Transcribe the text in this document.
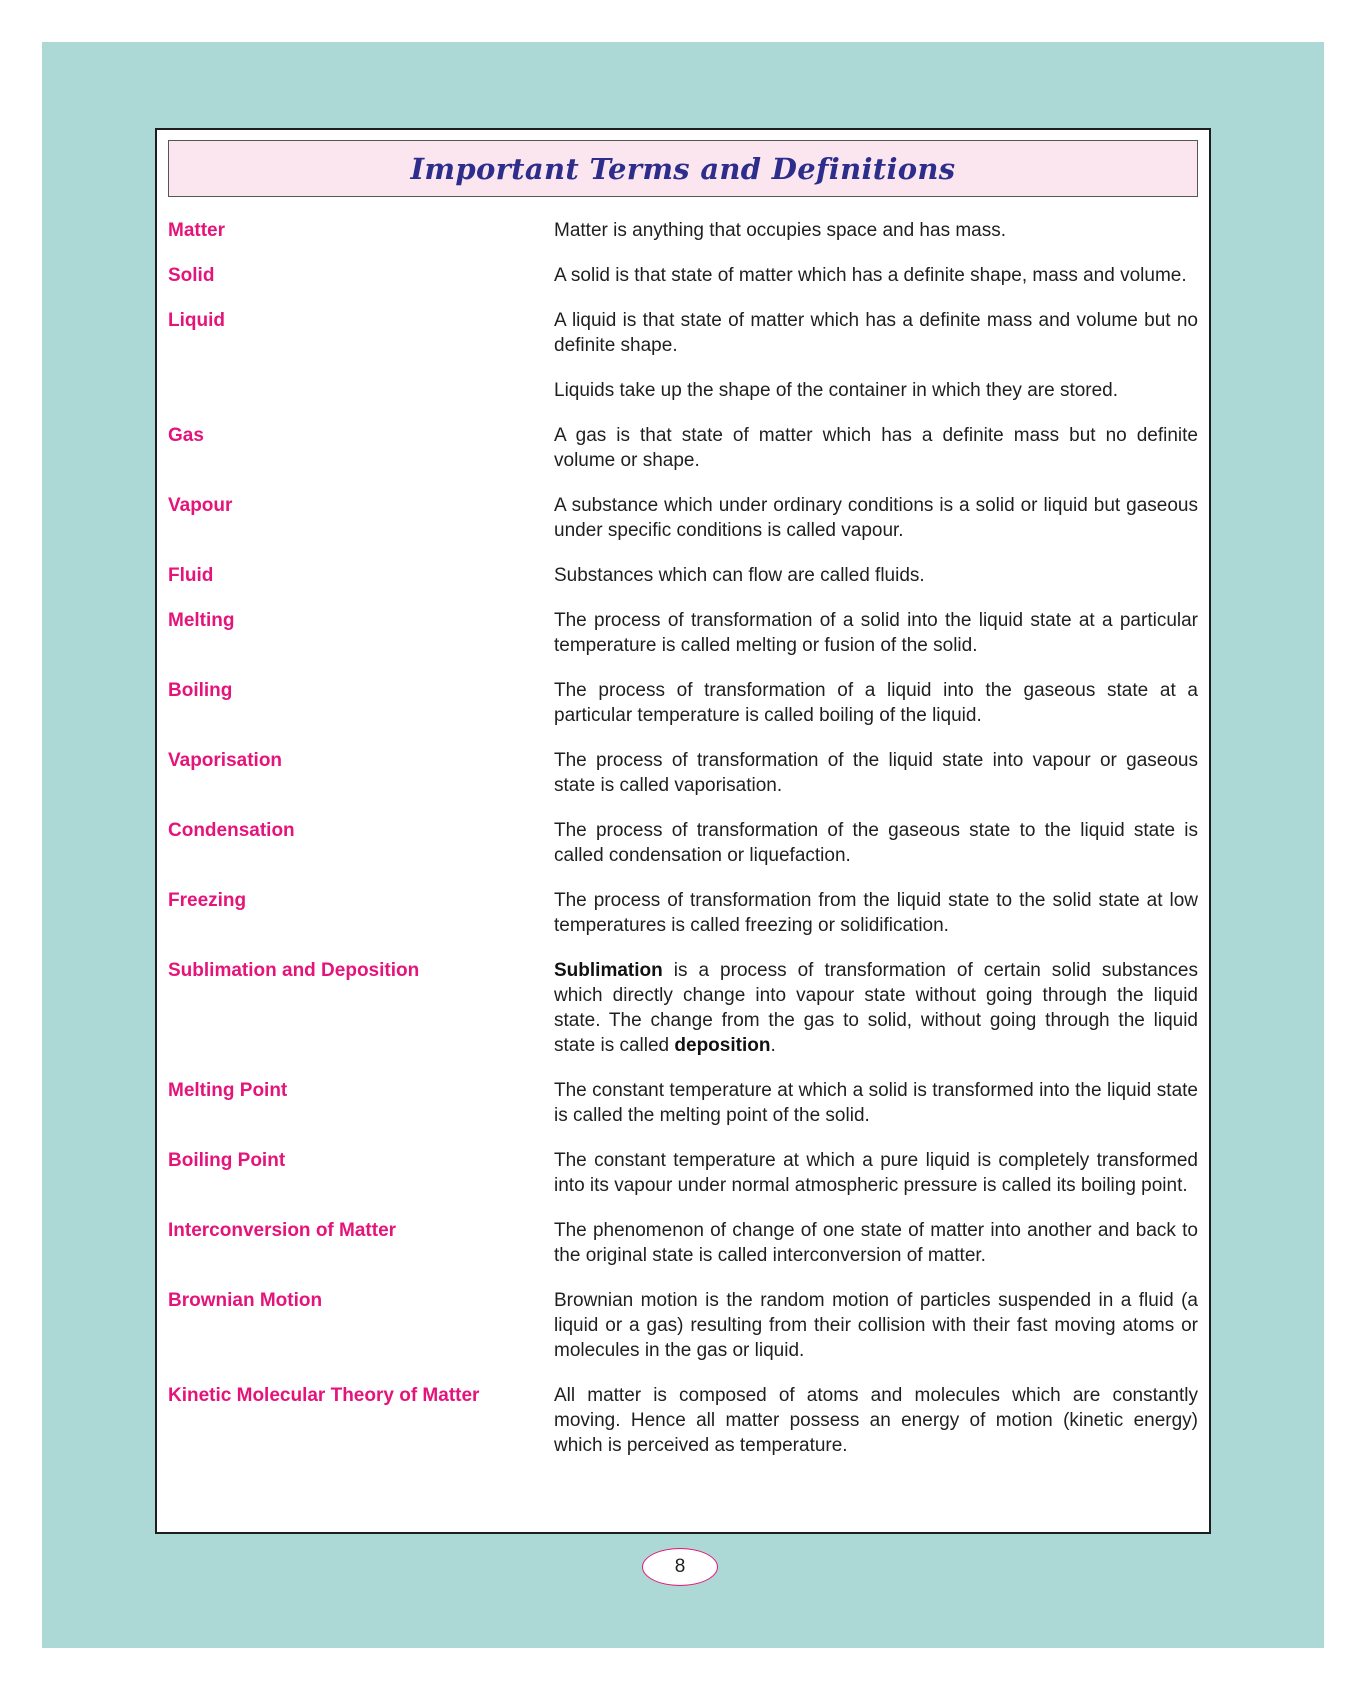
Important Terms and Definitions
Matter	Matter is anything that occupies space and has mass.
Solid	A solid is that state of matter which has a definite shape, mass and volume.
Liquid	A liquid is that state of matter which has a definite mass and volume but no definite shape.
Liquids take up the shape of the container in which they are stored.
Gas	A gas is that state of matter which has a definite mass but no definite volume or shape.
Vapour	A substance which under ordinary conditions is a solid or liquid but gaseous under specific conditions is called vapour.
Fluid	Substances which can flow are called fluids.
Melting	The process of transformation of a solid into the liquid state at a particular temperature is called melting or fusion of the solid.
Boiling	The process of transformation of a liquid into the gaseous state at a particular temperature is called boiling of the liquid.
Vaporisation	The process of transformation of the liquid state into vapour or gaseous state is called vaporisation.
Condensation	The process of transformation of the gaseous state to the liquid state is called condensation or liquefaction.
Freezing	The process of transformation from the liquid state to the solid state at low temperatures is called freezing or solidification.
Sublimation and Deposition	Sublimation is a process of transformation of certain solid substances which directly change into vapour state without going through the liquid state. The change from the gas to solid, without going through the liquid state is called deposition.
Melting Point	The constant temperature at which a solid is transformed into the liquid state is called the melting point of the solid.
Boiling Point	The constant temperature at which a pure liquid is completely transformed into its vapour under normal atmospheric pressure is called its boiling point.
Interconversion of Matter	The phenomenon of change of one state of matter into another and back to the original state is called interconversion of matter.
Brownian Motion	Brownian motion is the random motion of particles suspended in a fluid (a liquid or a gas) resulting from their collision with their fast moving atoms or molecules in the gas or liquid.
Kinetic Molecular Theory of Matter	All matter is composed of atoms and molecules which are constantly moving. Hence all matter possess an energy of motion (kinetic energy) which is perceived as temperature.
8
